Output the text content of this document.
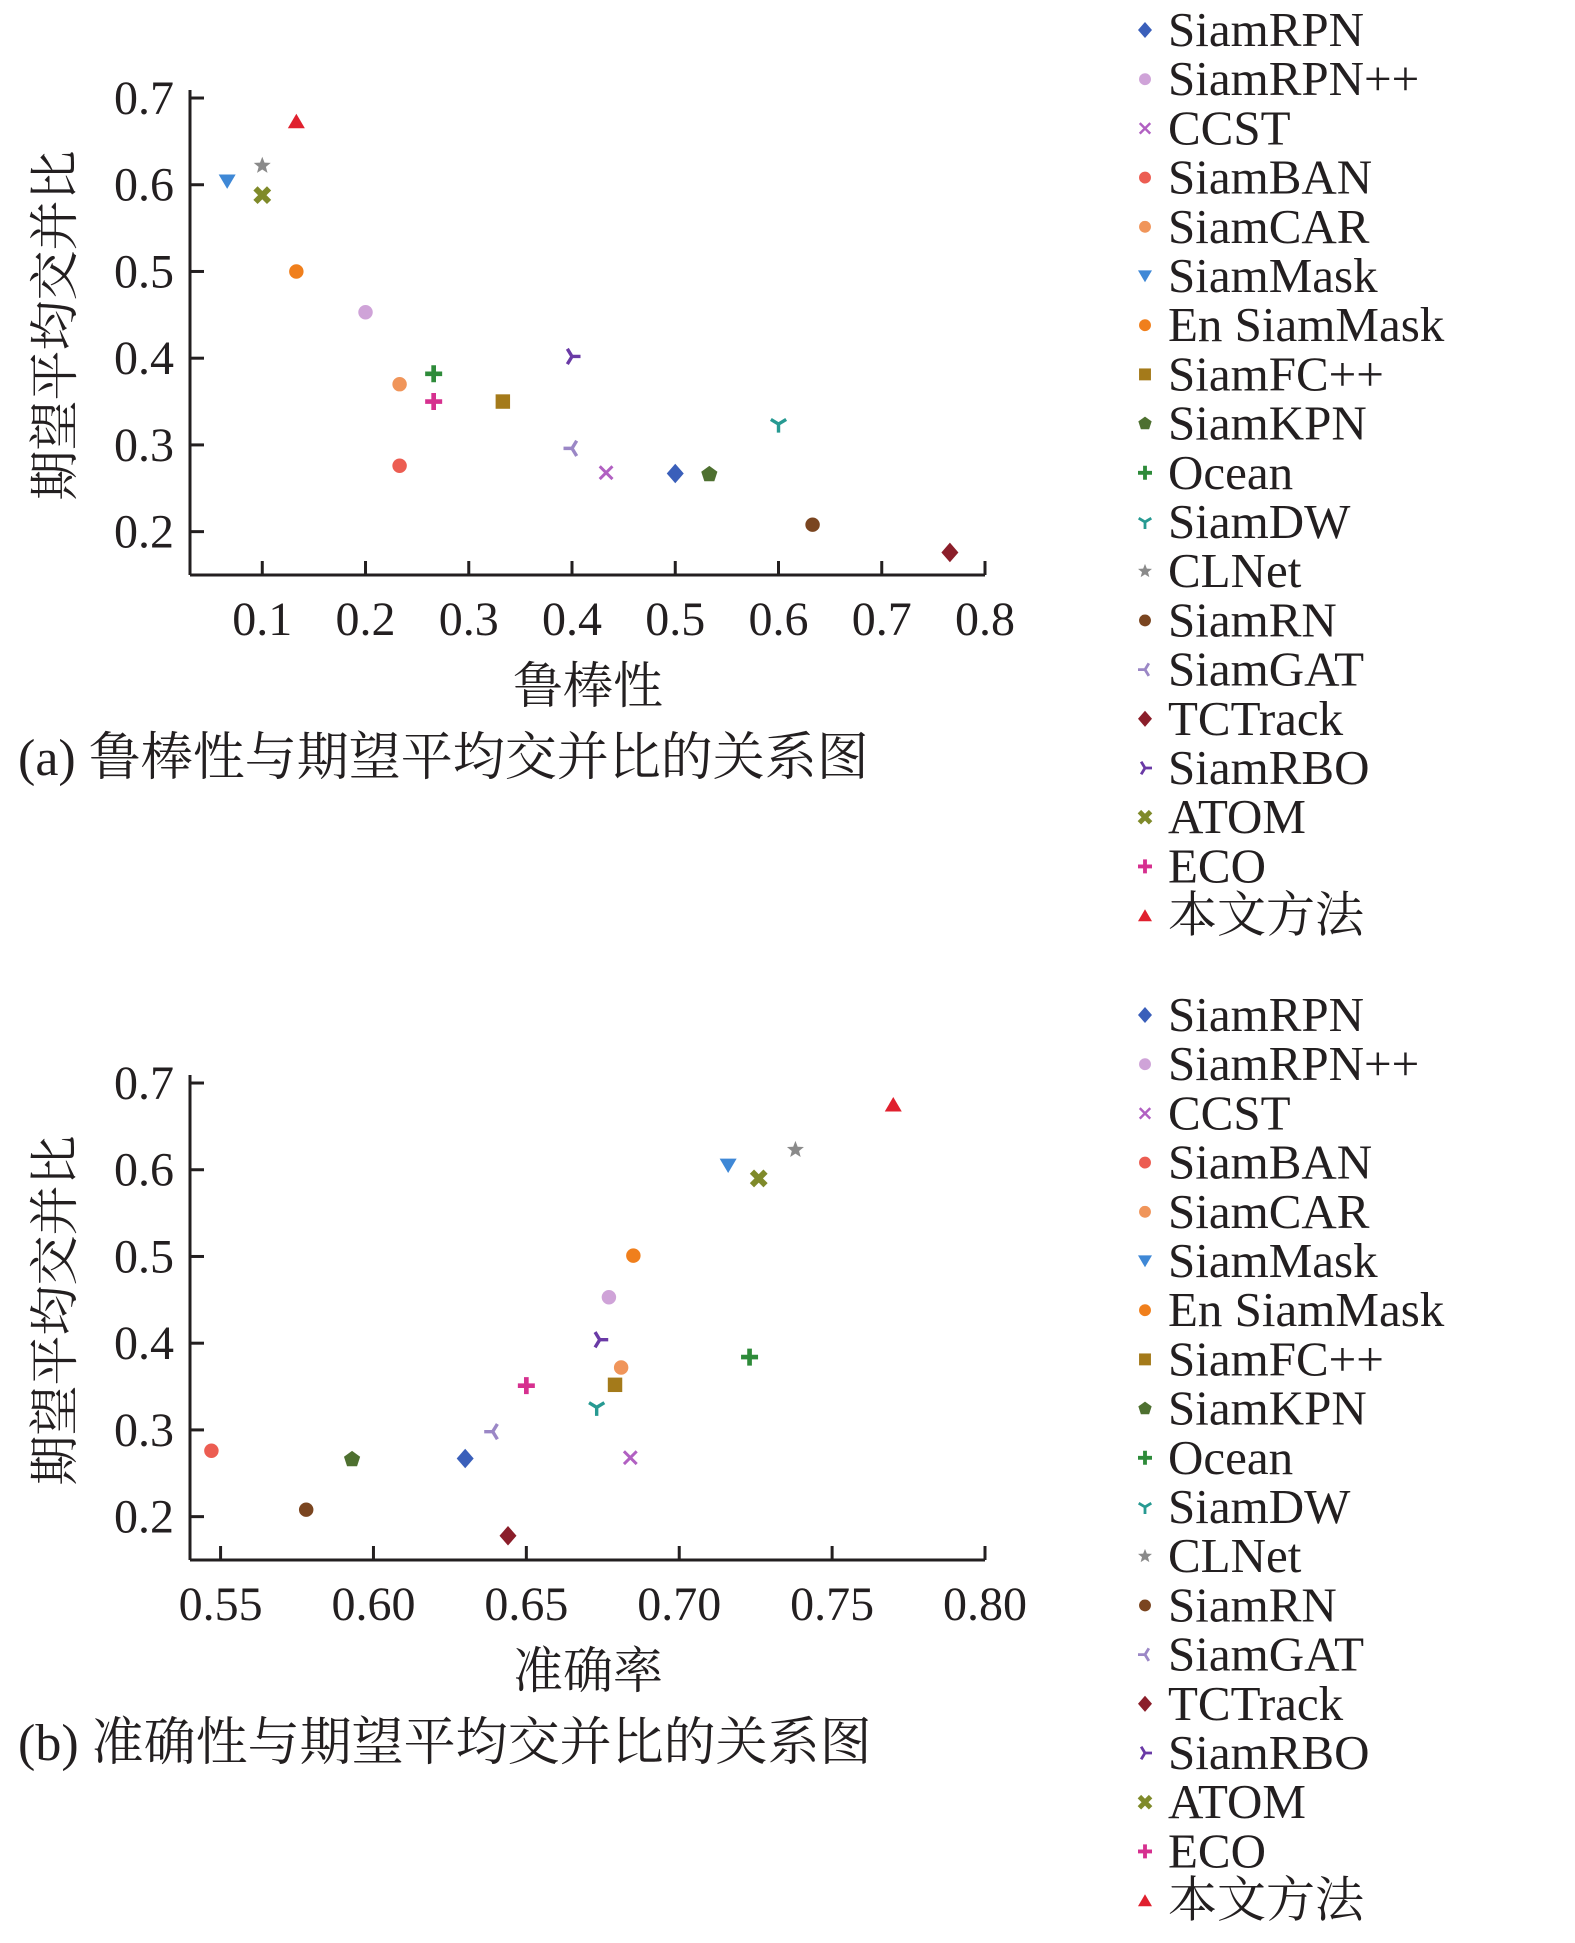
0.2
0.3
0.4
0.5
0.6
0.7
0.1 0.2 0.3 0.4 0.5 0.6 0.7 0.8
鲁棒性
期望平均交并比
(a) 鲁棒性与期望平均交并比的关系图
SiamRPN
SiamRPN++
CCST
SiamBAN
SiamCAR
SiamMask
En SiamMask
SiamFC++
SiamKPN
Ocean
SiamDW
CLNet
SiamRN
SiamGAT
TCTrack
SiamRBO
ATOM
ECO
本文方法
0.2
0.3
0.4
0.5
0.6
0.7
0.55 0.60 0.65 0.70 0.75 0.80
准确率
期望平均交并比
(b) 准确性与期望平均交并比的关系图
SiamRPN
SiamRPN++
CCST
SiamBAN
SiamCAR
SiamMask
En SiamMask
SiamFC++
SiamKPN
Ocean
SiamDW
CLNet
SiamRN
SiamGAT
TCTrack
SiamRBO
ATOM
ECO
本文方法
